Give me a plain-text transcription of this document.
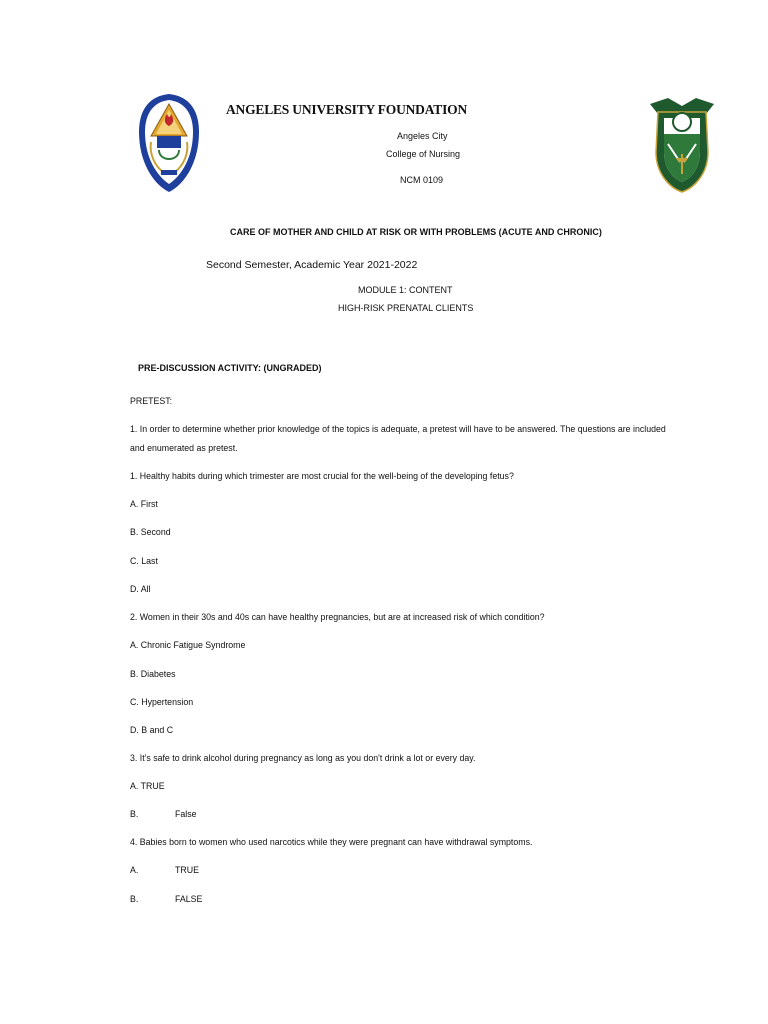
ANGELES UNIVERSITY FOUNDATION
Angeles City
College of Nursing
NCM 0109
CARE OF MOTHER AND CHILD AT RISK OR WITH PROBLEMS (ACUTE AND CHRONIC)
Second Semester, Academic Year 2021-2022
MODULE 1: CONTENT
HIGH-RISK PRENATAL CLIENTS
PRE-DISCUSSION ACTIVITY: (UNGRADED)
PRETEST:
1. In order to determine whether prior knowledge of the topics is adequate, a pretest will have to be answered. The questions are included
and enumerated as pretest.
1. Healthy habits during which trimester are most crucial for the well-being of the developing fetus?
A. First
B. Second
C. Last
D. All
2. Women in their 30s and 40s can have healthy pregnancies, but are at increased risk of which condition?
A. Chronic Fatigue Syndrome
B. Diabetes
C. Hypertension
D. B and C
3. It's safe to drink alcohol during pregnancy as long as you don't drink a lot or every day.
A. TRUE
B.	False
4. Babies born to women who used narcotics while they were pregnant can have withdrawal symptoms.
A.	TRUE
B.	FALSE
